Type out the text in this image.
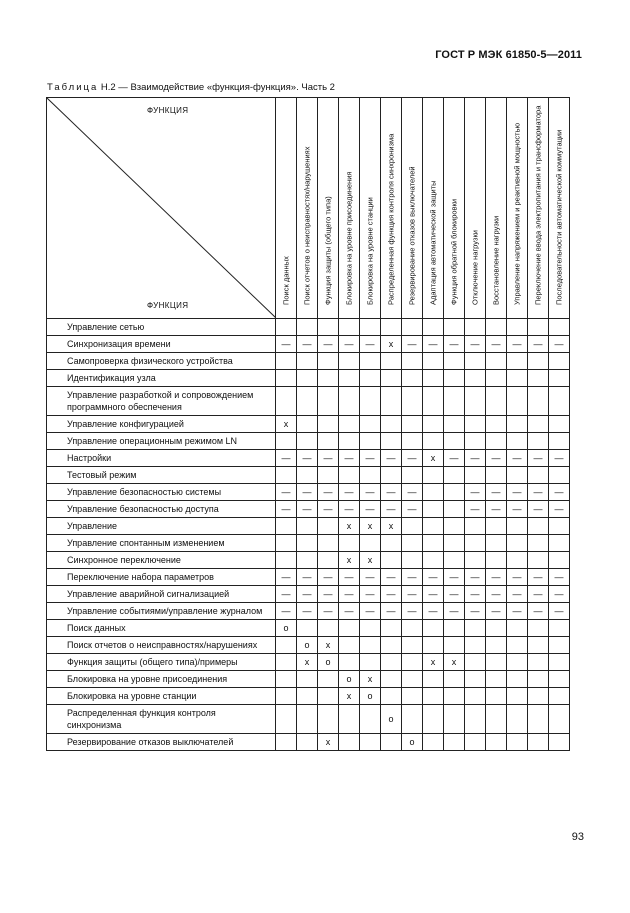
ГОСТ Р МЭК 61850-5—2011
Таблица Н.2 — Взаимодействие «функция-функция». Часть 2
ФУНКЦИЯ
ФУНКЦИЯ	Поиск данных	Поиск отчетов о неисправностях/нарушениях	Функция защиты (общего типа)	Блокировка на уровне присоединения	Блокировка на уровне станции	Распределенная функция контроля синхронизма	Резервирование отказов выключателей	Адаптация автоматической защиты	Функция обратной блокировки	Отключение нагрузки	Восстановление нагрузки	Управление напряжением и реактивной мощностью	Переключение ввода электропитания и трансформатора	Последовательности автоматической коммутации

Управление сетью														
Синхронизация времени	—	—	—	—	—	х	—	—	—	—	—	—	—	—
Самопроверка физического устройства														
Идентификация узла														
Управление разработкой и сопровождением программного обеспечения														
Управление конфигурацией	х													
Управление операционным режимом LN														
Настройки	—	—	—	—	—	—	—	х	—	—	—	—	—	—
Тестовый режим														
Управление безопасностью системы	—	—	—	—	—	—	—			—	—	—	—	—
Управление безопасностью доступа	—	—	—	—	—	—	—			—	—	—	—	—
Управление				х	х	х								
Управление спонтанным изменением														
Синхронное переключение				х	х									
Переключение набора параметров	—	—	—	—	—	—	—	—	—	—	—	—	—	—
Управление аварийной сигнализацией	—	—	—	—	—	—	—	—	—	—	—	—	—	—
Управление событиями/управление журналом	—	—	—	—	—	—	—	—	—	—	—	—	—	—
Поиск данных	о													
Поиск отчетов о неисправностях/нарушениях		о	х											
Функция защиты (общего типа)/примеры		х	о					х	х					
Блокировка на уровне присоединения				о	х									
Блокировка на уровне станции				х	о									
Распределенная функция контроля синхронизма						о								
Резервирование отказов выключателей			х				о							
93
